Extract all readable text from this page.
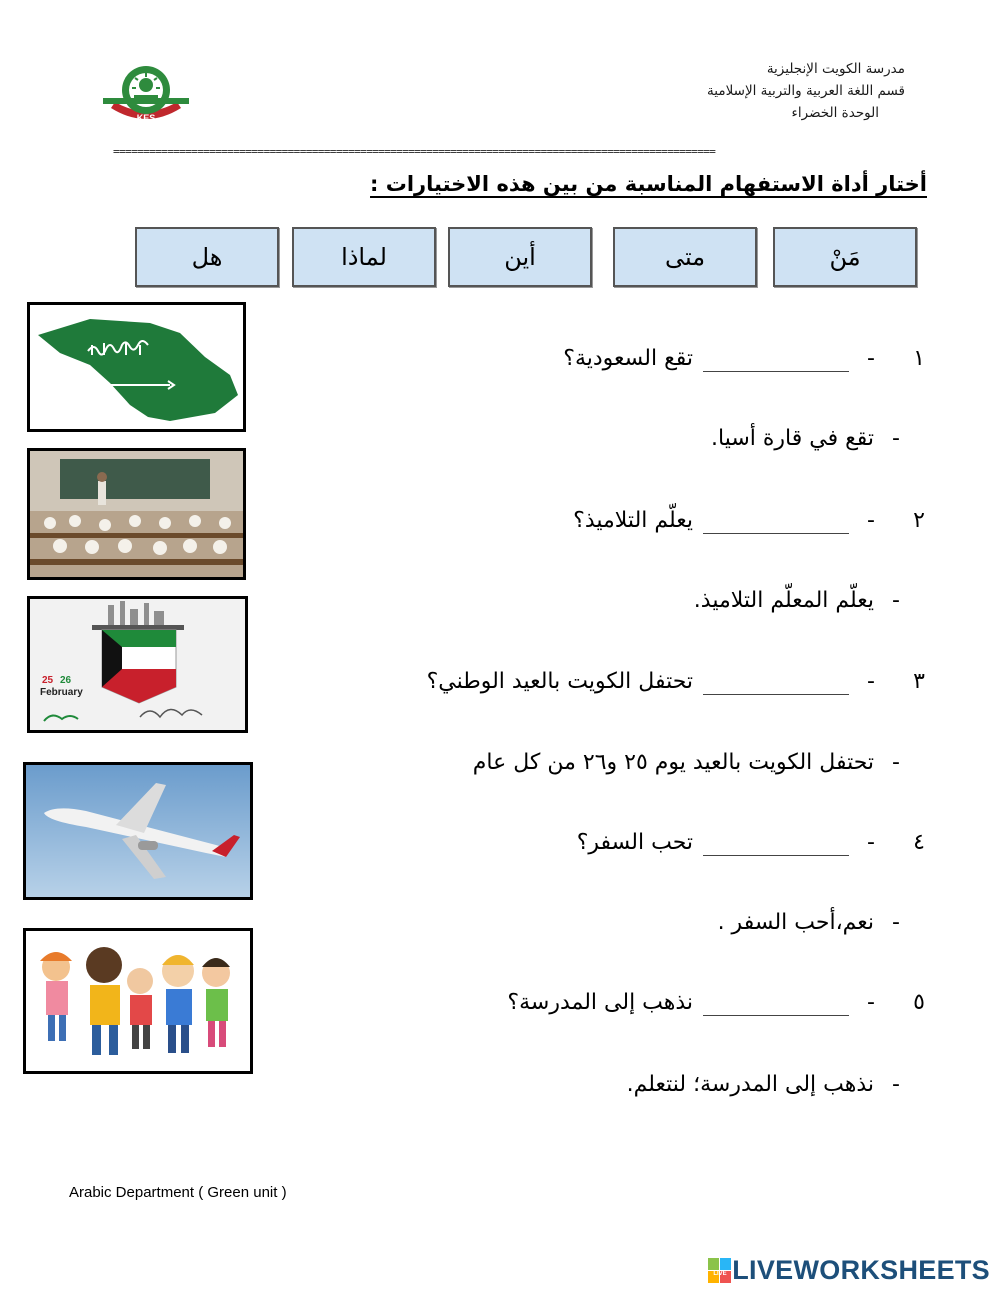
KES
مدرسة الكويت الإنجليزية
قسم اللغة العربية والتربية الإسلامية
الوحدة الخضراء
====================================================================================================
أختار أداة الاستفهام المناسبة من بين هذه الاختيارات :
مَنْ
متى
أين
لماذا
هل
١
-
تقع السعودية؟
-
تقع في قارة أسيا.
٢
-
يعلّم التلاميذ؟
-
يعلّم المعلّم التلاميذ.
٣
-
تحتفل الكويت بالعيد الوطني؟
-
تحتفل الكويت بالعيد يوم ٢٥ و٢٦ من كل عام
٤
-
تحب السفر؟
-
نعم،أحب السفر .
٥
-
نذهب إلى المدرسة؟
-
نذهب إلى المدرسة؛ لنتعلم.
25 26
February
Arabic Department ( Green unit )
LIVE LIVEWORKSHEETS
